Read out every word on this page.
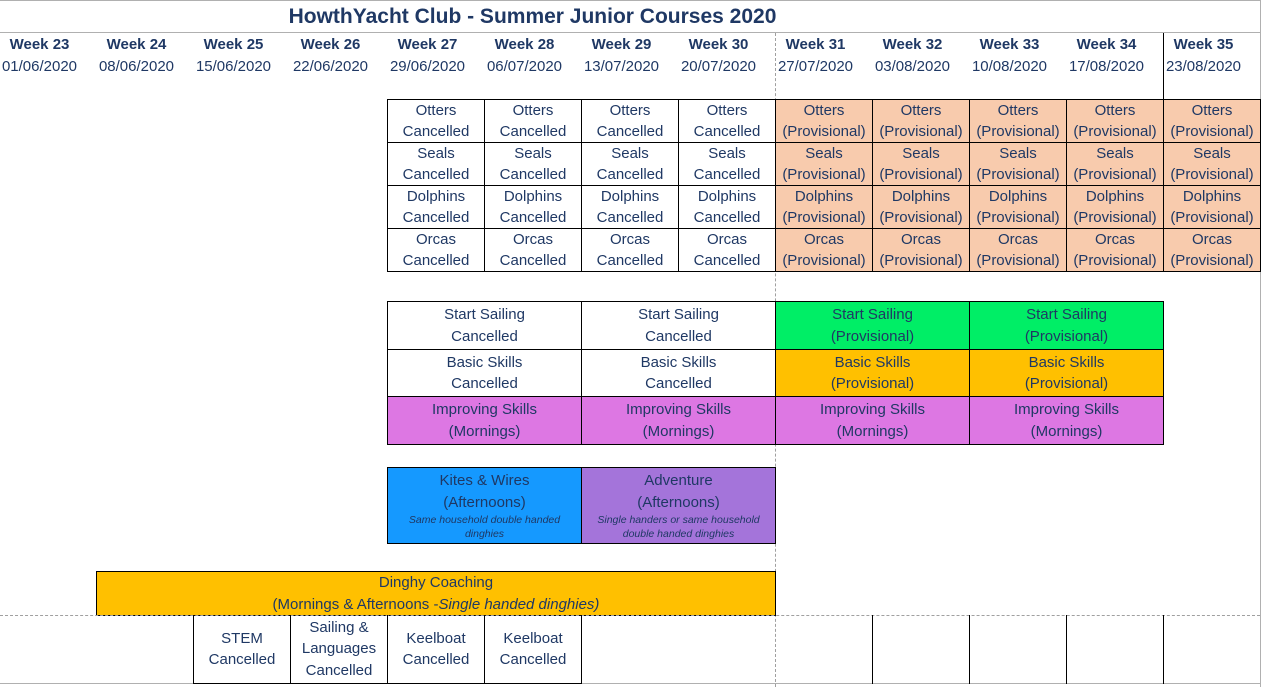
HowthYacht Club - Summer Junior Courses 2020
Week 23
01/06/2020
Week 24
08/06/2020
Week 25
15/06/2020
Week 26
22/06/2020
Week 27
29/06/2020
Week 28
06/07/2020
Week 29
13/07/2020
Week 30
20/07/2020
Week 31
27/07/2020
Week 32
03/08/2020
Week 33
10/08/2020
Week 34
17/08/2020
Week 35
23/08/2020
Otters
Cancelled
Seals
Cancelled
Dolphins
Cancelled
Orcas
Cancelled
Otters
Cancelled
Seals
Cancelled
Dolphins
Cancelled
Orcas
Cancelled
Otters
Cancelled
Seals
Cancelled
Dolphins
Cancelled
Orcas
Cancelled
Otters
Cancelled
Seals
Cancelled
Dolphins
Cancelled
Orcas
Cancelled
Otters
(Provisional)
Seals
(Provisional)
Dolphins
(Provisional)
Orcas
(Provisional)
Otters
(Provisional)
Seals
(Provisional)
Dolphins
(Provisional)
Orcas
(Provisional)
Otters
(Provisional)
Seals
(Provisional)
Dolphins
(Provisional)
Orcas
(Provisional)
Otters
(Provisional)
Seals
(Provisional)
Dolphins
(Provisional)
Orcas
(Provisional)
Otters
(Provisional)
Seals
(Provisional)
Dolphins
(Provisional)
Orcas
(Provisional)
Start Sailing
Cancelled
Start Sailing
Cancelled
Start Sailing
(Provisional)
Start Sailing
(Provisional)
Basic Skills
Cancelled
Basic Skills
Cancelled
Basic Skills
(Provisional)
Basic Skills
(Provisional)
Improving Skills
(Mornings)
Improving Skills
(Mornings)
Improving Skills
(Mornings)
Improving Skills
(Mornings)
Kites & Wires
(Afternoons)
Same household double handed dinghies
Adventure
(Afternoons)
Single handers or same household double handed dinghies
Dinghy Coaching
(Mornings & Afternoons -Single handed dinghies)
STEM
Cancelled
Sailing &
Languages
Cancelled
Keelboat
Cancelled
Keelboat
Cancelled
